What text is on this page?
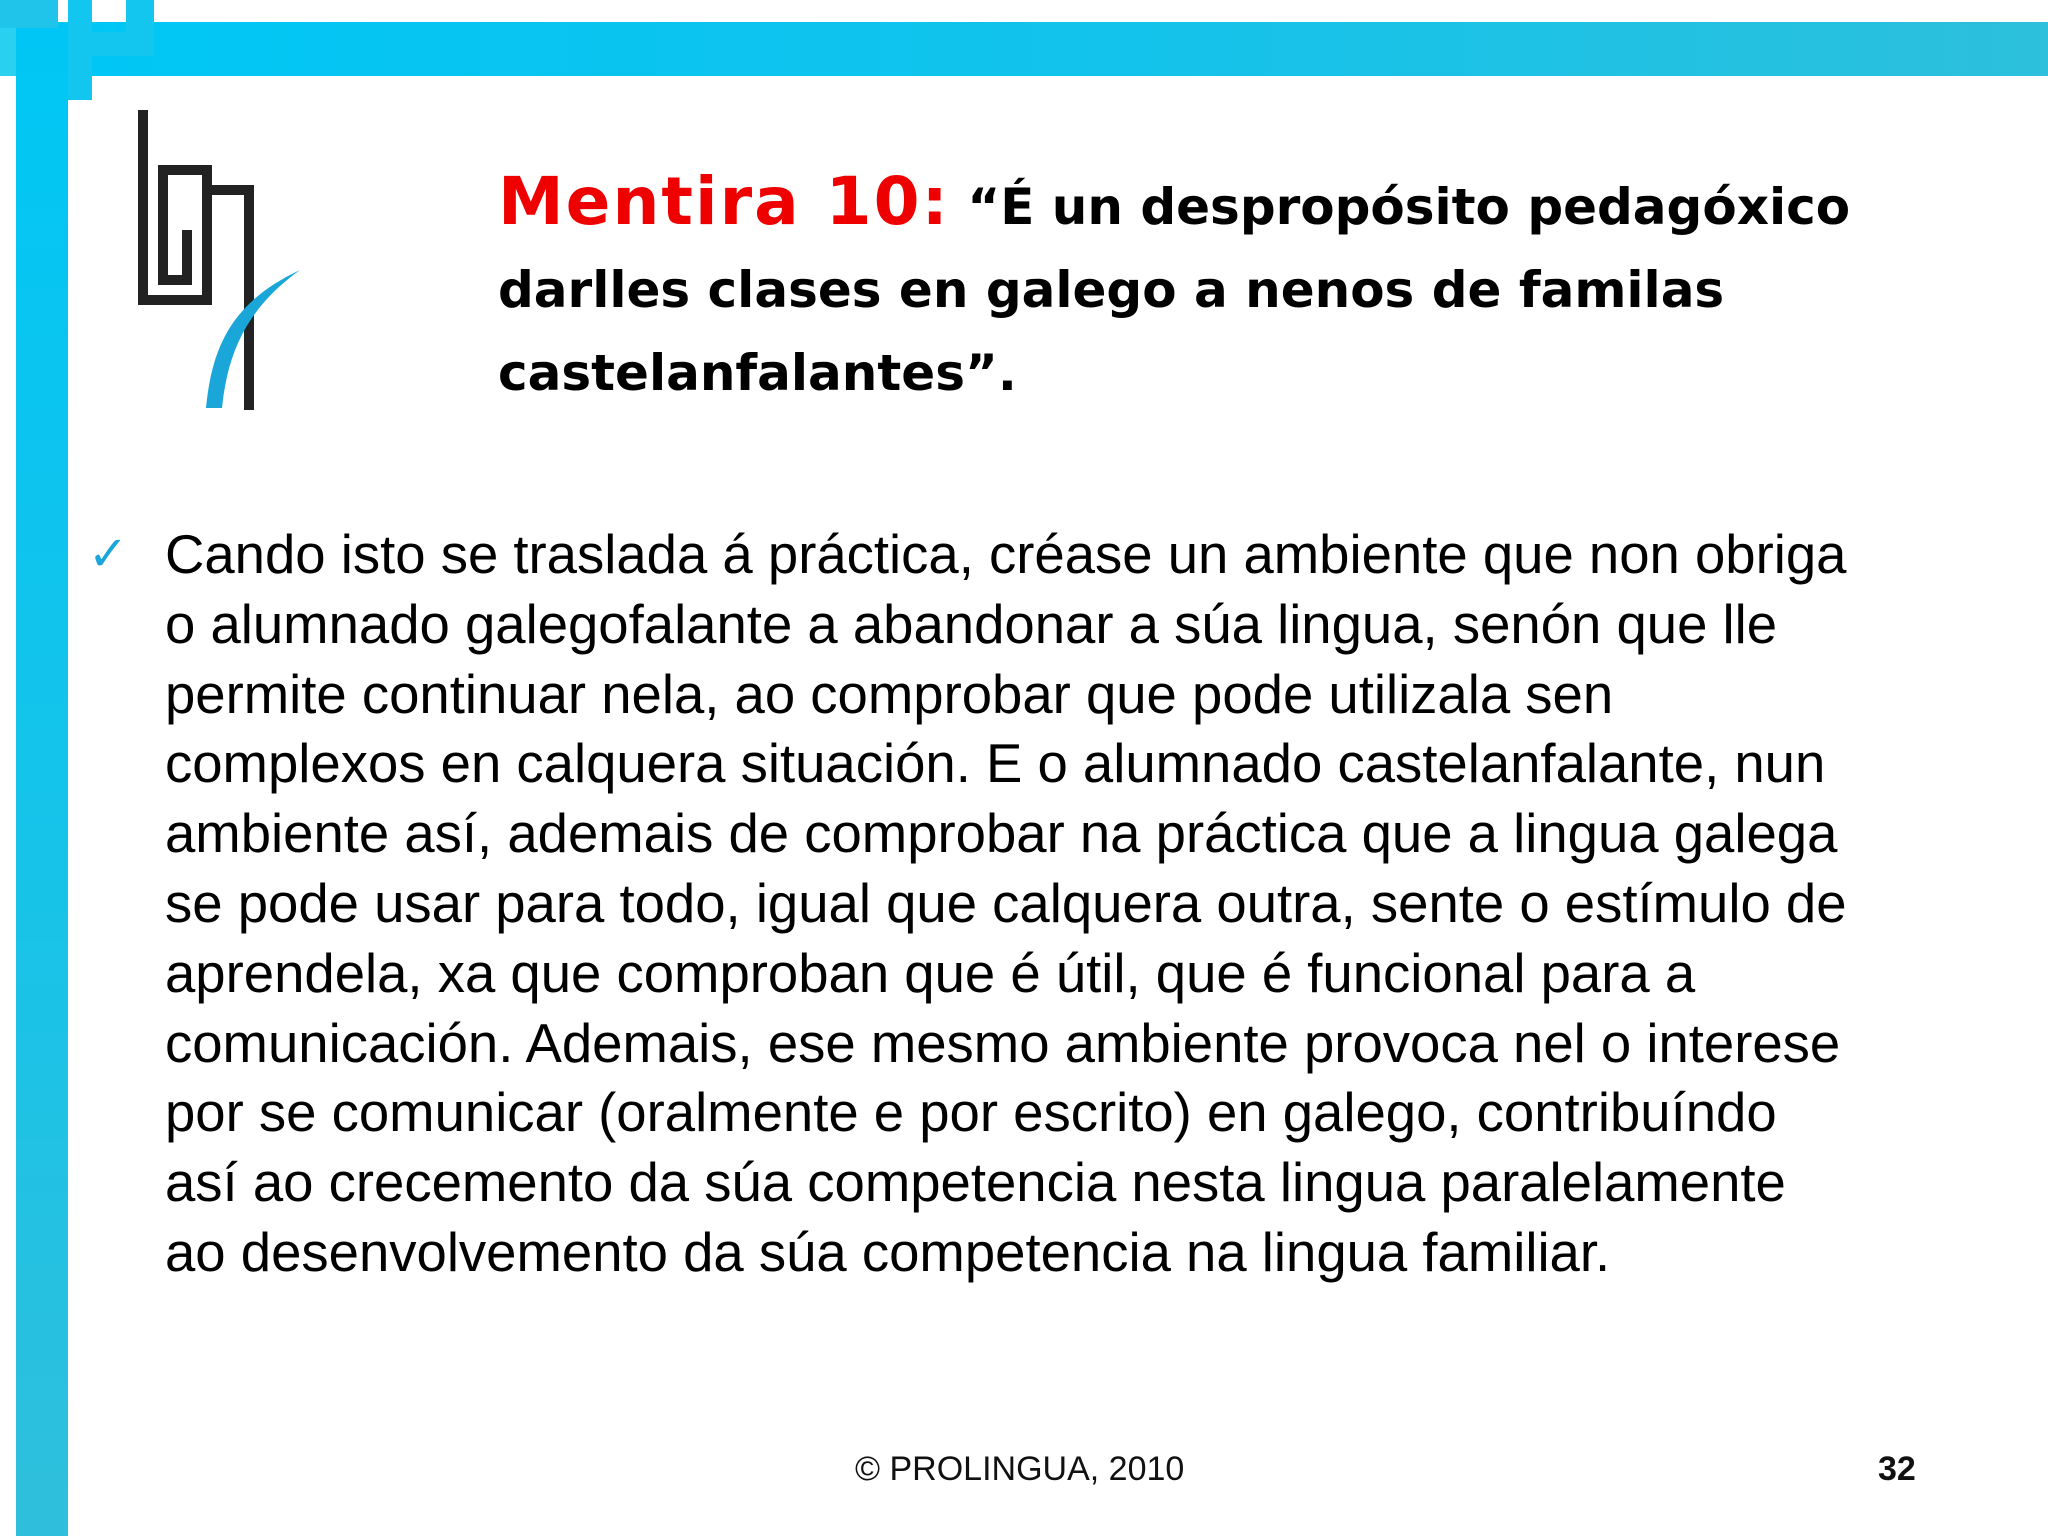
Mentira 10: “É un despropósito pedagóxico darlles clases en galego a nenos de familas castelanfalantes”.
✓ Cando isto se traslada á práctica, créase un ambiente que non obriga
o alumnado galegofalante a abandonar a súa lingua, senón que lle
permite continuar nela, ao comprobar que pode utilizala sen
complexos en calquera situación. E o alumnado castelanfalante, nun
ambiente así, ademais de comprobar na práctica que a lingua galega
se pode usar para todo, igual que calquera outra, sente o estímulo de
aprendela, xa que comproban que é útil, que é funcional para a
comunicación. Ademais, ese mesmo ambiente provoca nel o interese
por se comunicar (oralmente e por escrito) en galego, contribuíndo
así ao crecemento da súa competencia nesta lingua paralelamente
ao desenvolvemento da súa competencia na lingua familiar.

© PROLINGUA, 2010	32
